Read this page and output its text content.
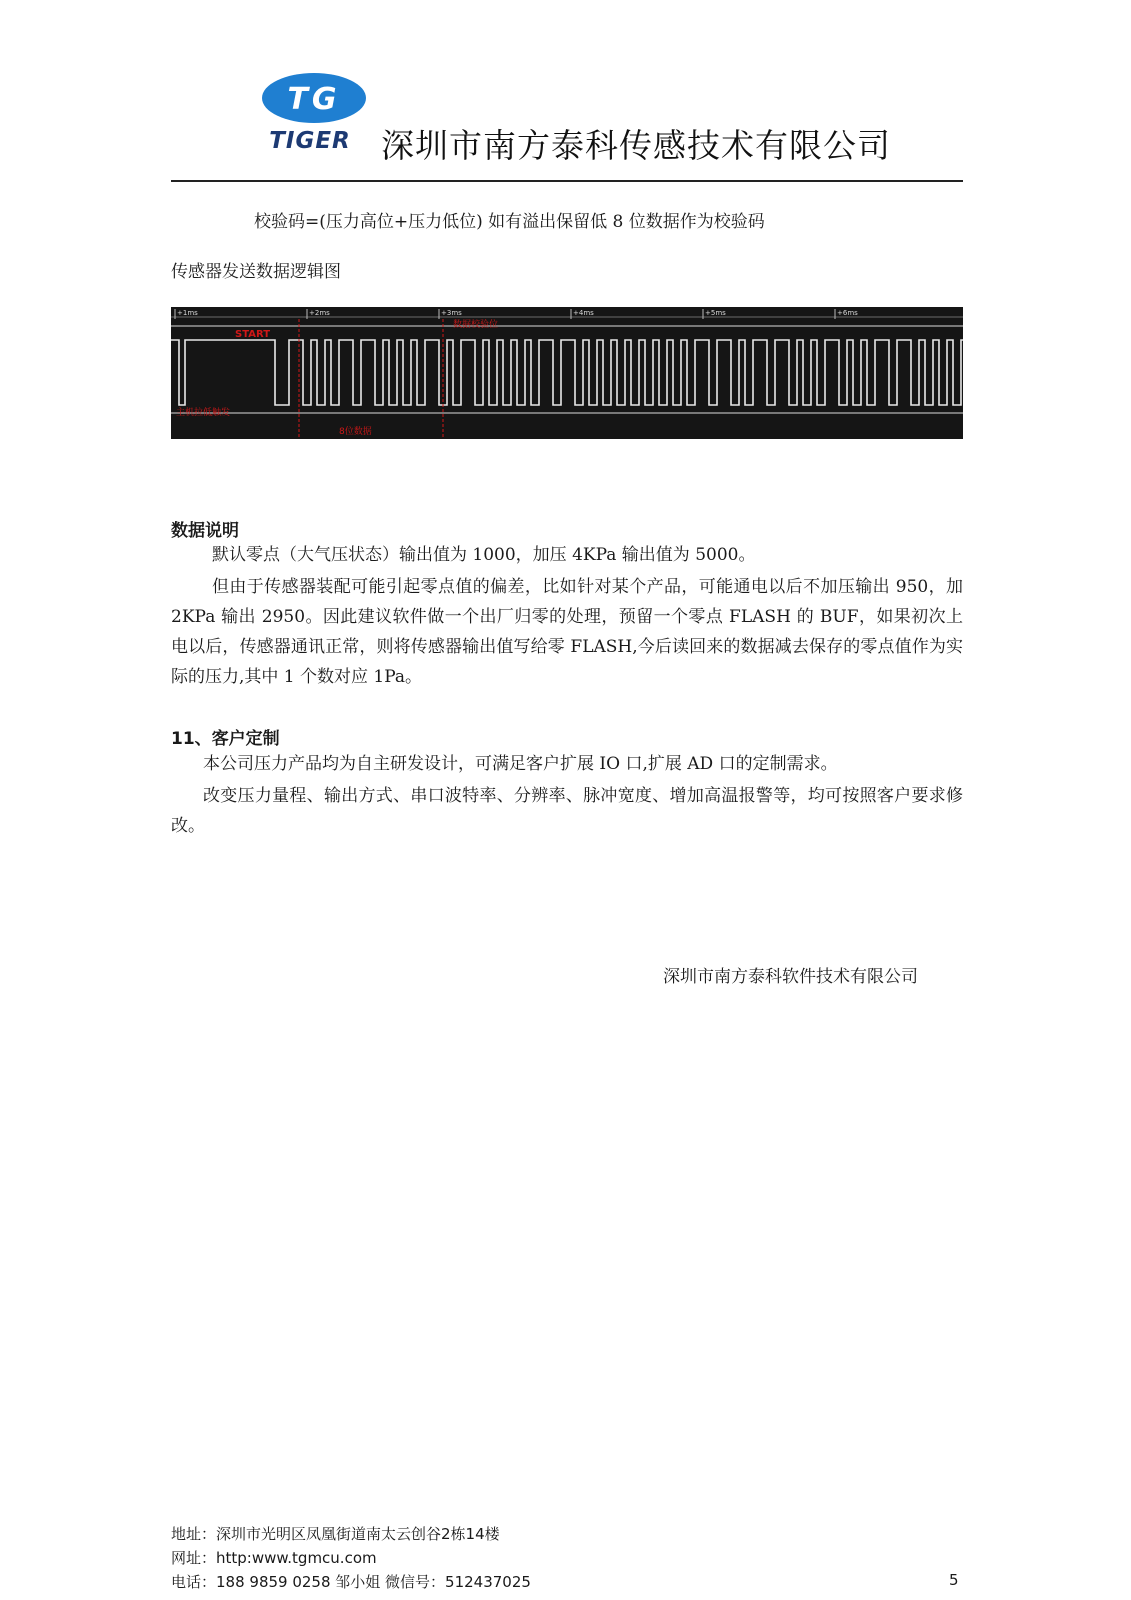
TG
TIGER 深圳市南方泰科传感技术有限公司
校验码=(压力高位+压力低位) 如有溢出保留低 8 位数据作为校验码
传感器发送数据逻辑图
+1ms	+2ms	+3ms	+4ms	+5ms	+6ms
START
主机拉低触发
8位数据
数据校验位
数据说明
默认零点（大气压状态）输出值为 1000，加压 4KPa 输出值为 5000。
但由于传感器装配可能引起零点值的偏差，比如针对某个产品，可能通电以后不加压输出 950，加 2KPa 输出 2950。因此建议软件做一个出厂归零的处理，预留一个零点 FLASH 的 BUF，如果初次上电以后，传感器通讯正常，则将传感器输出值写给零 FLASH,今后读回来的数据减去保存的零点值作为实际的压力,其中 1 个数对应 1Pa。
11、客户定制
本公司压力产品均为自主研发设计，可满足客户扩展 IO 口,扩展 AD 口的定制需求。
改变压力量程、输出方式、串口波特率、分辨率、脉冲宽度、增加高温报警等，均可按照客户要求修改。
深圳市南方泰科软件技术有限公司
地址：深圳市光明区凤凰街道南太云创谷2栋14楼
网址：http:www.tgmcu.com
电话：188 9859 0258 邹小姐 微信号：512437025	5
